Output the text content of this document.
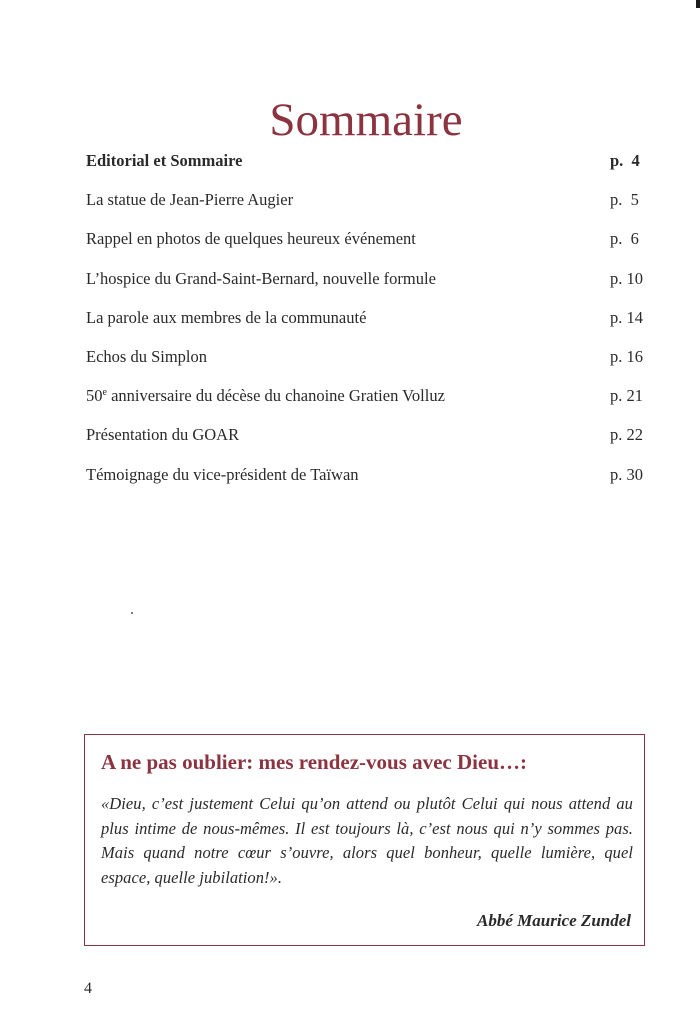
Sommaire
Editorial et Sommaire	p.  4
La statue de Jean-Pierre Augier	p.  5
Rappel en photos de quelques heureux événement	p.  6
L’hospice du Grand-Saint-Bernard, nouvelle formule	p. 10
La parole aux membres de la communauté	p. 14
Echos du Simplon	p. 16
50e anniversaire du décèse du chanoine Gratien Volluz	p. 21
Présentation du GOAR	p. 22
Témoignage du vice-président de Taïwan	p. 30
A ne pas oublier: mes rendez-vous avec Dieu…:

«Dieu, c’est justement Celui qu’on attend ou plutôt Celui qui nous attend au plus intime de nous-mêmes. Il est toujours là, c’est nous qui n’y sommes pas. Mais quand notre cœur s’ouvre, alors quel bonheur, quelle lumière, quel espace, quelle jubilation!».

Abbé Maurice Zundel

4
